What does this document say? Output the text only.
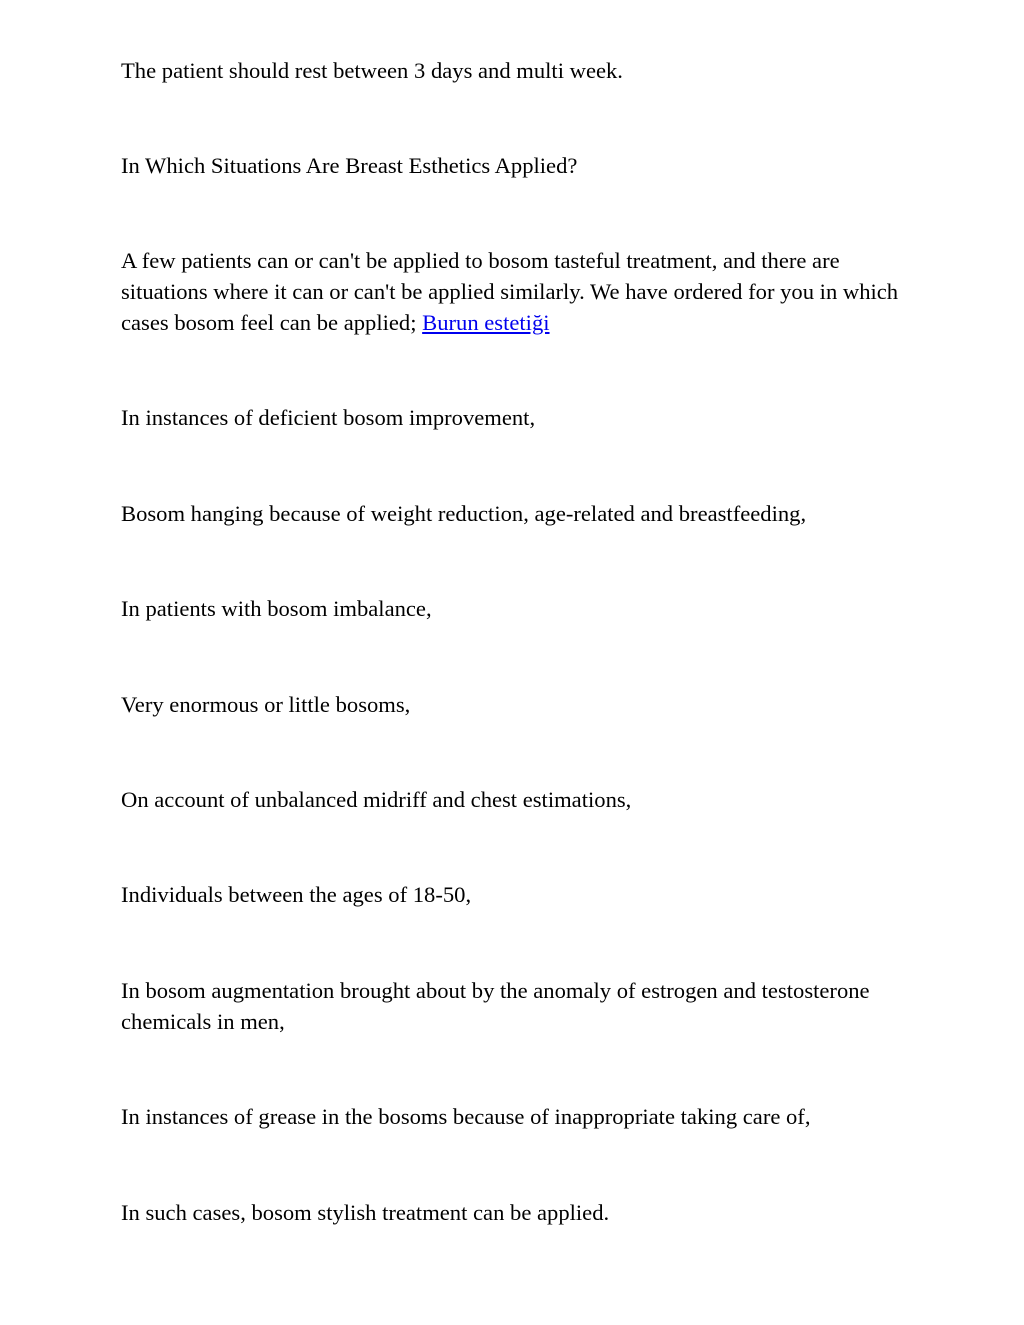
The patient should rest between 3 days and multi week.

In Which Situations Are Breast Esthetics Applied?

A few patients can or can't be applied to bosom tasteful treatment, and there are situations where it can or can't be applied similarly. We have ordered for you in which cases bosom feel can be applied; Burun estetiği

In instances of deficient bosom improvement,

Bosom hanging because of weight reduction, age-related and breastfeeding,

In patients with bosom imbalance,

Very enormous or little bosoms,

On account of unbalanced midriff and chest estimations,

Individuals between the ages of 18-50,

In bosom augmentation brought about by the anomaly of estrogen and testosterone chemicals in men,

In instances of grease in the bosoms because of inappropriate taking care of,

In such cases, bosom stylish treatment can be applied.
